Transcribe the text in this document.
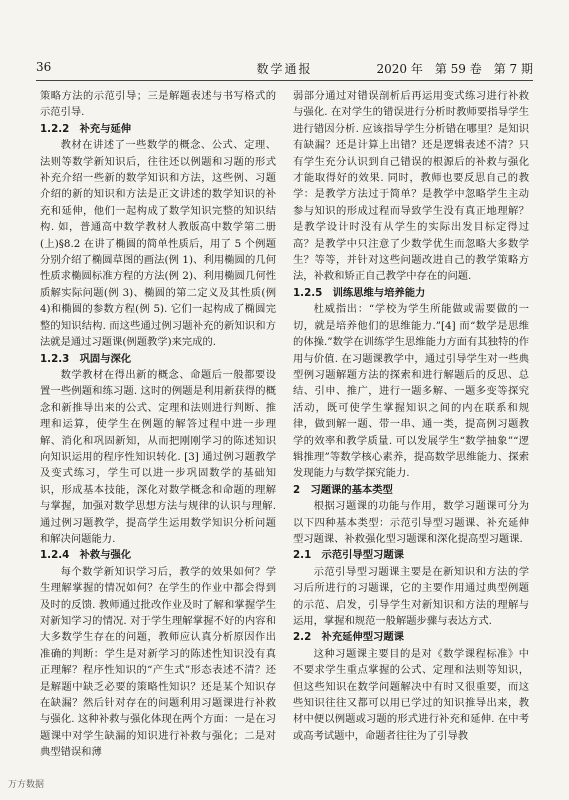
36	数学通报	2020 年　第 59 卷　第 7 期

策略方法的示范引导；三是解题表述与书写格式的示范引导.

1.2.2　补充与延伸

教材在讲述了一些数学的概念、公式、定理、法则等数学新知识后，往往还以例题和习题的形式补充介绍一些新的数学知识和方法，这些例、习题介绍的新的知识和方法是正文讲述的数学知识的补充和延伸，他们一起构成了数学知识完整的知识结构. 如，普通高中数学教材人教版高中数学第二册(上)§8.2 在讲了椭圆的简单性质后，用了 5 个例题分别介绍了椭圆草图的画法(例 1)、利用椭圆的几何性质求椭圆标准方程的方法(例 2)、利用椭圆几何性质解实际问题(例 3)、椭圆的第二定义及其性质(例 4)和椭圆的参数方程(例 5). 它们一起构成了椭圆完整的知识结构. 而这些通过例习题补充的新知识和方法就是通过习题课(例题教学)来完成的.

1.2.3　巩固与深化

数学教材在得出新的概念、命题后一般都要设置一些例题和练习题. 这时的例题是利用新获得的概念和新推导出来的公式、定理和法则进行判断、推理和运算，使学生在例题的解答过程中进一步理解、消化和巩固新知，从而把刚刚学习的陈述知识向知识运用的程序性知识转化. [3] 通过例习题教学及变式练习，学生可以进一步巩固数学的基础知识，形成基本技能，深化对数学概念和命题的理解与掌握，加强对数学思想方法与规律的认识与理解. 通过例习题教学，提高学生运用数学知识分析问题和解决问题能力.

1.2.4　补救与强化

每个数学新知识学习后，教学的效果如何？学生理解掌握的情况如何？在学生的作业中都会得到及时的反馈. 教师通过批改作业及时了解和掌握学生对新知学习的情况. 对于学生理解掌握不好的内容和大多数学生存在的问题，教师应认真分析原因作出准确的判断：学生是对新学习的陈述性知识没有真正理解？程序性知识的“产生式”形态表述不清？还是解题中缺乏必要的策略性知识？还是某个知识存在缺漏？然后针对存在的问题利用习题课进行补救与强化. 这种补救与强化体现在两个方面：一是在习题课中对学生缺漏的知识进行补救与强化；二是对典型错误和薄

弱部分通过对错误剖析后再运用变式练习进行补救与强化. 在对学生的错误进行分析时教师要指导学生进行错因分析. 应该指导学生分析错在哪里？是知识有缺漏？还是计算上出错？还是逻辑表述不清？只有学生充分认识到自己错误的根源后的补救与强化才能取得好的效果. 同时，教师也要反思自己的教学：是教学方法过于简单？是教学中忽略学生主动参与知识的形成过程而导致学生没有真正地理解？是教学设计时没有从学生的实际出发目标定得过高？是教学中只注意了少数学优生而忽略大多数学生？等等，并针对这些问题改进自己的教学策略方法，补救和矫正自己教学中存在的问题.

1.2.5　训练思维与培养能力

杜威指出：“学校为学生所能做或需要做的一切，就是培养他们的思维能力.”[4] 而“数学是思维的体操.”数学在训练学生思维能力方面有其独特的作用与价值. 在习题课教学中，通过引导学生对一些典型例习题解题方法的探索和进行解题后的反思、总结、引申、推广，进行一题多解、一题多变等探究活动，既可使学生掌握知识之间的内在联系和规律，做到解一题、带一串、通一类，提高例习题教学的效率和教学质量. 可以发展学生“数学抽象”“逻辑推理”等数学核心素养，提高数学思维能力、探索发现能力与数学探究能力.

2　习题课的基本类型

根据习题课的功能与作用，数学习题课可分为以下四种基本类型：示范引导型习题课、补充延伸型习题课、补救强化型习题课和深化提高型习题课.

2.1　示范引导型习题课

示范引导型习题课主要是在新知识和方法的学习后所进行的习题课，它的主要作用通过典型例题的示范、启发，引导学生对新知识和方法的理解与运用，掌握和规范一般解题步骤与表达方式.

2.2　补充延伸型习题课

这种习题课主要目的是对《数学课程标准》中不要求学生重点掌握的公式、定理和法则等知识，但这些知识在数学问题解决中有时又很重要，而这些知识往往又都可以用已学过的知识推导出来，教材中便以例题或习题的形式进行补充和延伸. 在中考或高考试题中，命题者往往为了引导教

万方数据
